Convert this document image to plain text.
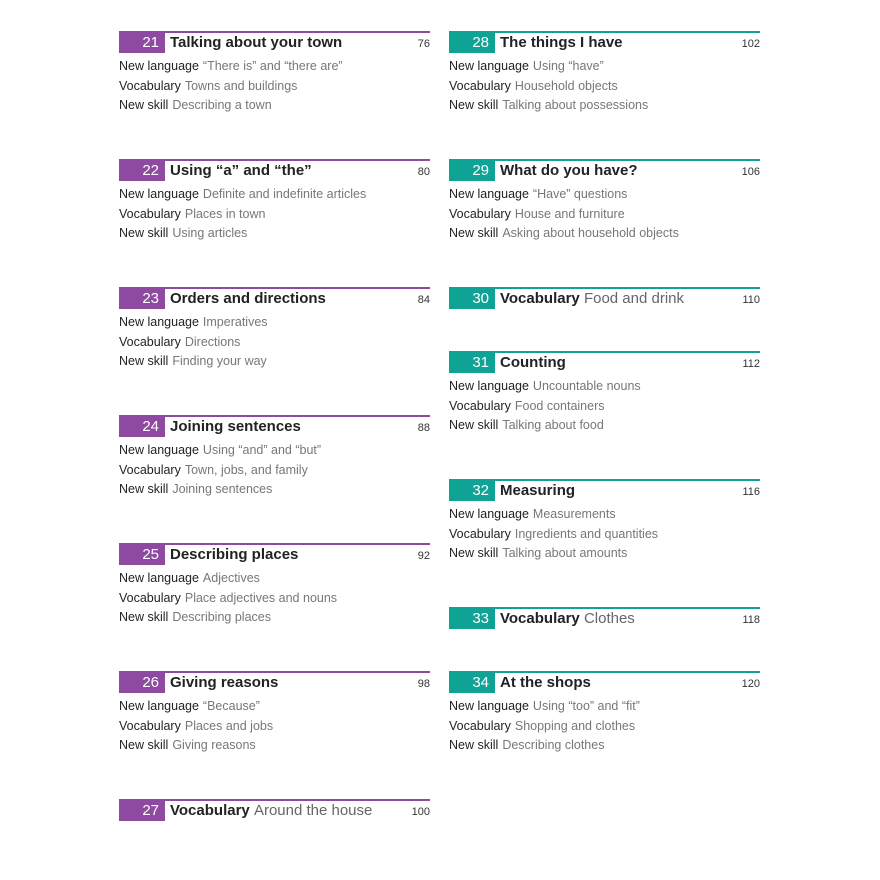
21 Talking about your town	76
New language “There is” and “there are”
Vocabulary Towns and buildings
New skill Describing a town
22 Using “a” and “the”	80
New language Definite and indefinite articles
Vocabulary Places in town
New skill Using articles
23 Orders and directions	84
New language Imperatives
Vocabulary Directions
New skill Finding your way
24 Joining sentences	88
New language Using “and” and “but”
Vocabulary Town, jobs, and family
New skill Joining sentences
25 Describing places	92
New language Adjectives
Vocabulary Place adjectives and nouns
New skill Describing places
26 Giving reasons	98
New language “Because”
Vocabulary Places and jobs
New skill Giving reasons
27 Vocabulary Around the house	100
28 The things I have	102
New language Using “have”
Vocabulary Household objects
New skill Talking about possessions
29 What do you have?	106
New language “Have” questions
Vocabulary House and furniture
New skill Asking about household objects
30 Vocabulary Food and drink	110
31 Counting	112
New language Uncountable nouns
Vocabulary Food containers
New skill Talking about food
32 Measuring	116
New language Measurements
Vocabulary Ingredients and quantities
New skill Talking about amounts
33 Vocabulary Clothes	118
34 At the shops	120
New language Using “too” and “fit”
Vocabulary Shopping and clothes
New skill Describing clothes
